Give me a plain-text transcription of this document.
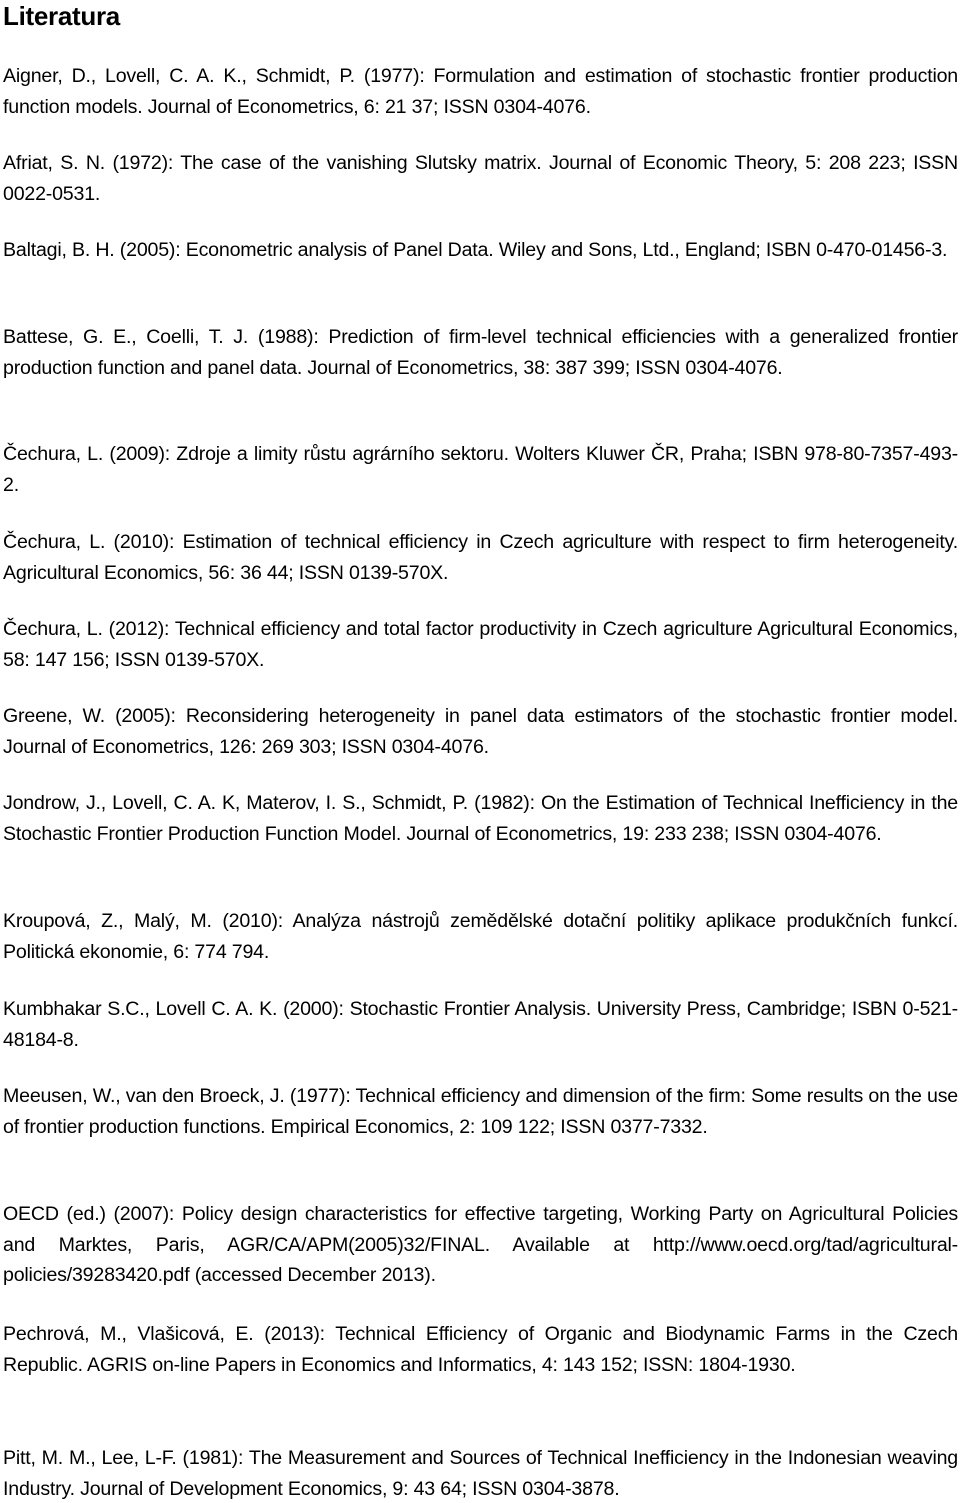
Literatura

Aigner, D., Lovell, C. A. K., Schmidt, P. (1977): Formulation and estimation of stochastic frontier production function models. Journal of Econometrics, 6: 21 37; ISSN 0304-4076.

Afriat, S. N. (1972): The case of the vanishing Slutsky matrix. Journal of Economic Theory, 5: 208 223; ISSN 0022-0531.

Baltagi, B. H. (2005): Econometric analysis of Panel Data. Wiley and Sons, Ltd., England; ISBN 0-470-01456-3.

Battese, G. E., Coelli, T. J. (1988): Prediction of firm-level technical efficiencies with a generalized frontier production function and panel data. Journal of Econometrics, 38: 387 399; ISSN 0304-4076.

Čechura, L. (2009): Zdroje a limity růstu agrárního sektoru. Wolters Kluwer ČR, Praha; ISBN 978-80-7357-493-2.

Čechura, L. (2010): Estimation of technical efficiency in Czech agriculture with respect to firm heterogeneity. Agricultural Economics, 56: 36 44; ISSN 0139-570X.

Čechura, L. (2012): Technical efficiency and total factor productivity in Czech agriculture Agricultural Economics, 58: 147 156; ISSN 0139-570X.

Greene, W. (2005): Reconsidering heterogeneity in panel data estimators of the stochastic frontier model. Journal of Econometrics, 126: 269 303; ISSN 0304-4076.

Jondrow, J., Lovell, C. A. K, Materov, I. S., Schmidt, P. (1982): On the Estimation of Technical Inefficiency in the Stochastic Frontier Production Function Model. Journal of Econometrics, 19: 233 238; ISSN 0304-4076.

Kroupová, Z., Malý, M. (2010): Analýza nástrojů zemědělské dotační politiky aplikace produkčních funkcí. Politická ekonomie, 6: 774 794.

Kumbhakar S.C., Lovell C. A. K. (2000): Stochastic Frontier Analysis. University Press, Cambridge; ISBN 0-521-48184-8.

Meeusen, W., van den Broeck, J. (1977): Technical efficiency and dimension of the firm: Some results on the use of frontier production functions. Empirical Economics, 2: 109 122; ISSN 0377-7332.

OECD (ed.) (2007): Policy design characteristics for effective targeting, Working Party on Agricultural Policies and Marktes, Paris, AGR/CA/APM(2005)32/FINAL. Available at http://www.oecd.org/tad/agricultural-policies/39283420.pdf (accessed December 2013).

Pechrová, M., Vlašicová, E. (2013): Technical Efficiency of Organic and Biodynamic Farms in the Czech Republic. AGRIS on-line Papers in Economics and Informatics, 4: 143 152; ISSN: 1804-1930.

Pitt, M. M., Lee, L-F. (1981): The Measurement and Sources of Technical Inefficiency in the Indonesian weaving Industry. Journal of Development Economics, 9: 43 64; ISSN 0304-3878.
